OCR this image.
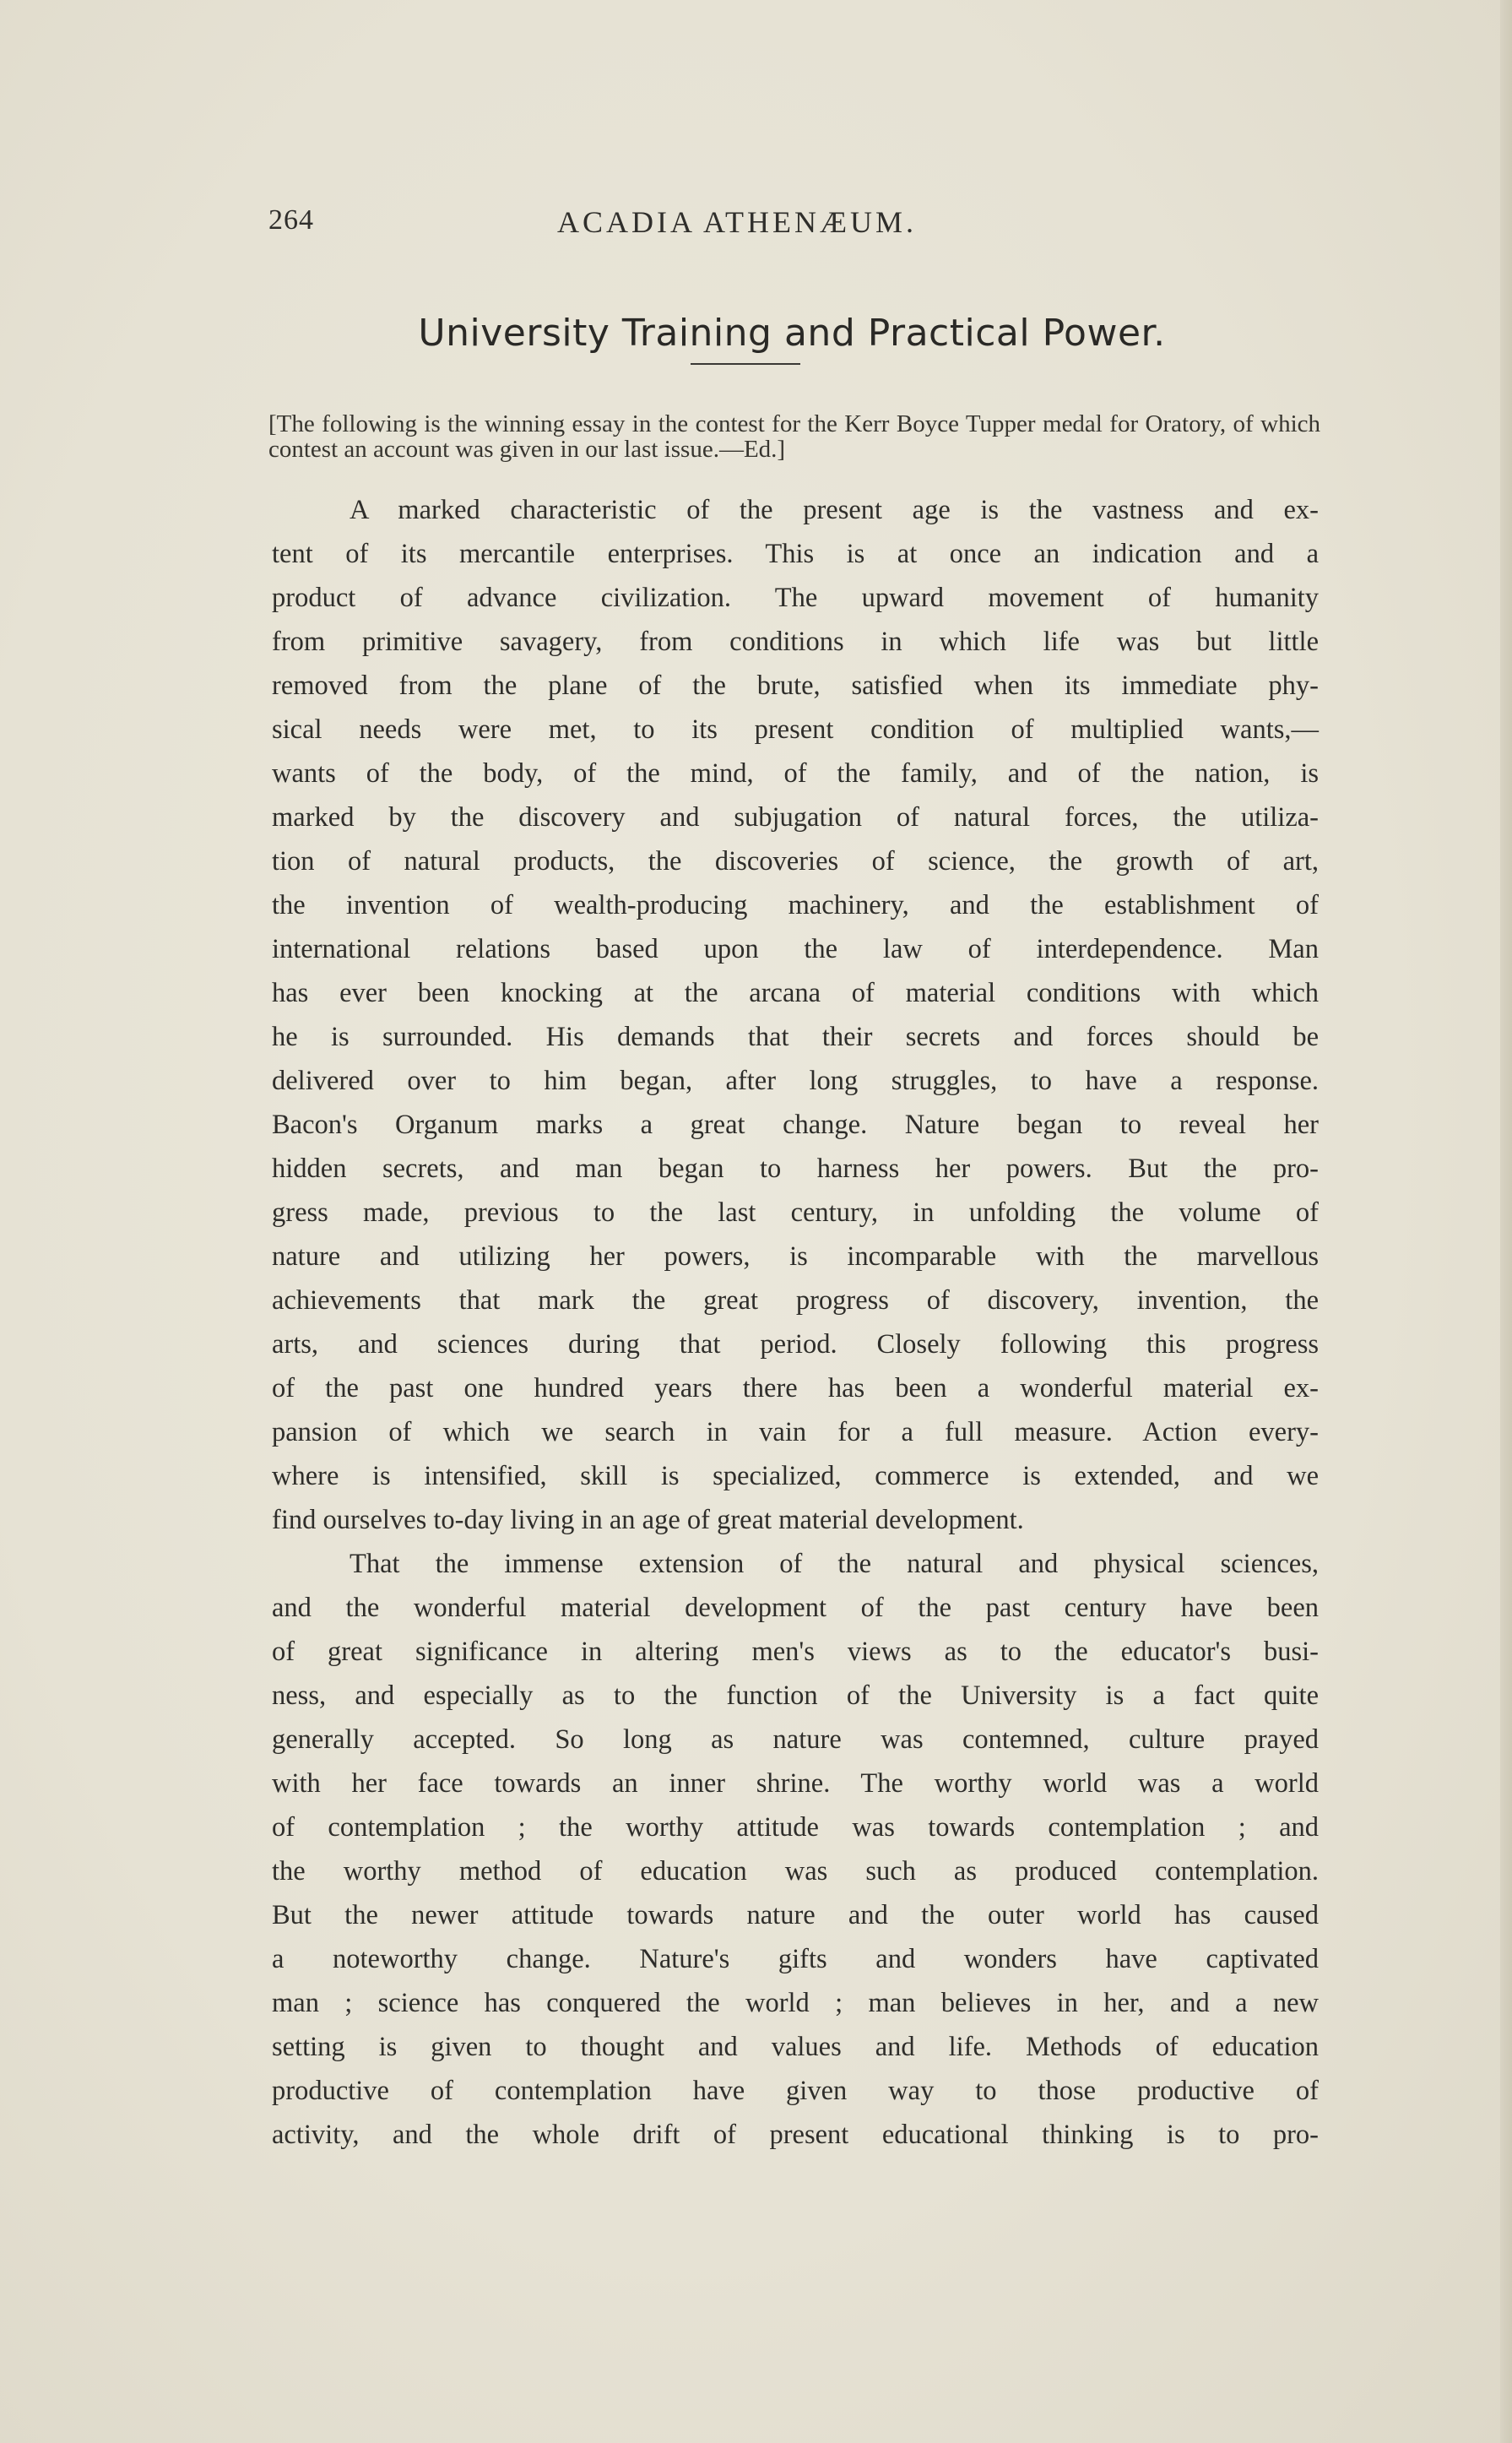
264	ACADIA ATHENÆUM.
University Training and Practical Power.

[The following is the winning essay in the contest for the Kerr Boyce Tupper medal for Oratory, of which contest an account was given in our last issue.—Ed.]

A marked characteristic of the present age is the vastness and ex-
tent of its mercantile enterprises. This is at once an indication and a
product of advance civilization. The upward movement of humanity
from primitive savagery, from conditions in which life was but little
removed from the plane of the brute, satisfied when its immediate phy-
sical needs were met, to its present condition of multiplied wants,—
wants of the body, of the mind, of the family, and of the nation, is
marked by the discovery and subjugation of natural forces, the utiliza-
tion of natural products, the discoveries of science, the growth of art,
the invention of wealth-producing machinery, and the establishment of
international relations based upon the law of interdependence. Man
has ever been knocking at the arcana of material conditions with which
he is surrounded. His demands that their secrets and forces should be
delivered over to him began, after long struggles, to have a response.
Bacon's Organum marks a great change. Nature began to reveal her
hidden secrets, and man began to harness her powers. But the pro-
gress made, previous to the last century, in unfolding the volume of
nature and utilizing her powers, is incomparable with the marvellous
achievements that mark the great progress of discovery, invention, the
arts, and sciences during that period. Closely following this progress
of the past one hundred years there has been a wonderful material ex-
pansion of which we search in vain for a full measure. Action every-
where is intensified, skill is specialized, commerce is extended, and we
find ourselves to-day living in an age of great material development.
That the immense extension of the natural and physical sciences,
and the wonderful material development of the past century have been
of great significance in altering men's views as to the educator's busi-
ness, and especially as to the function of the University is a fact quite
generally accepted. So long as nature was contemned, culture prayed
with her face towards an inner shrine. The worthy world was a world
of contemplation ; the worthy attitude was towards contemplation ; and
the worthy method of education was such as produced contemplation.
But the newer attitude towards nature and the outer world has caused
a noteworthy change. Nature's gifts and wonders have captivated
man ; science has conquered the world ; man believes in her, and a new
setting is given to thought and values and life. Methods of education
productive of contemplation have given way to those productive of
activity, and the whole drift of present educational thinking is to pro-
